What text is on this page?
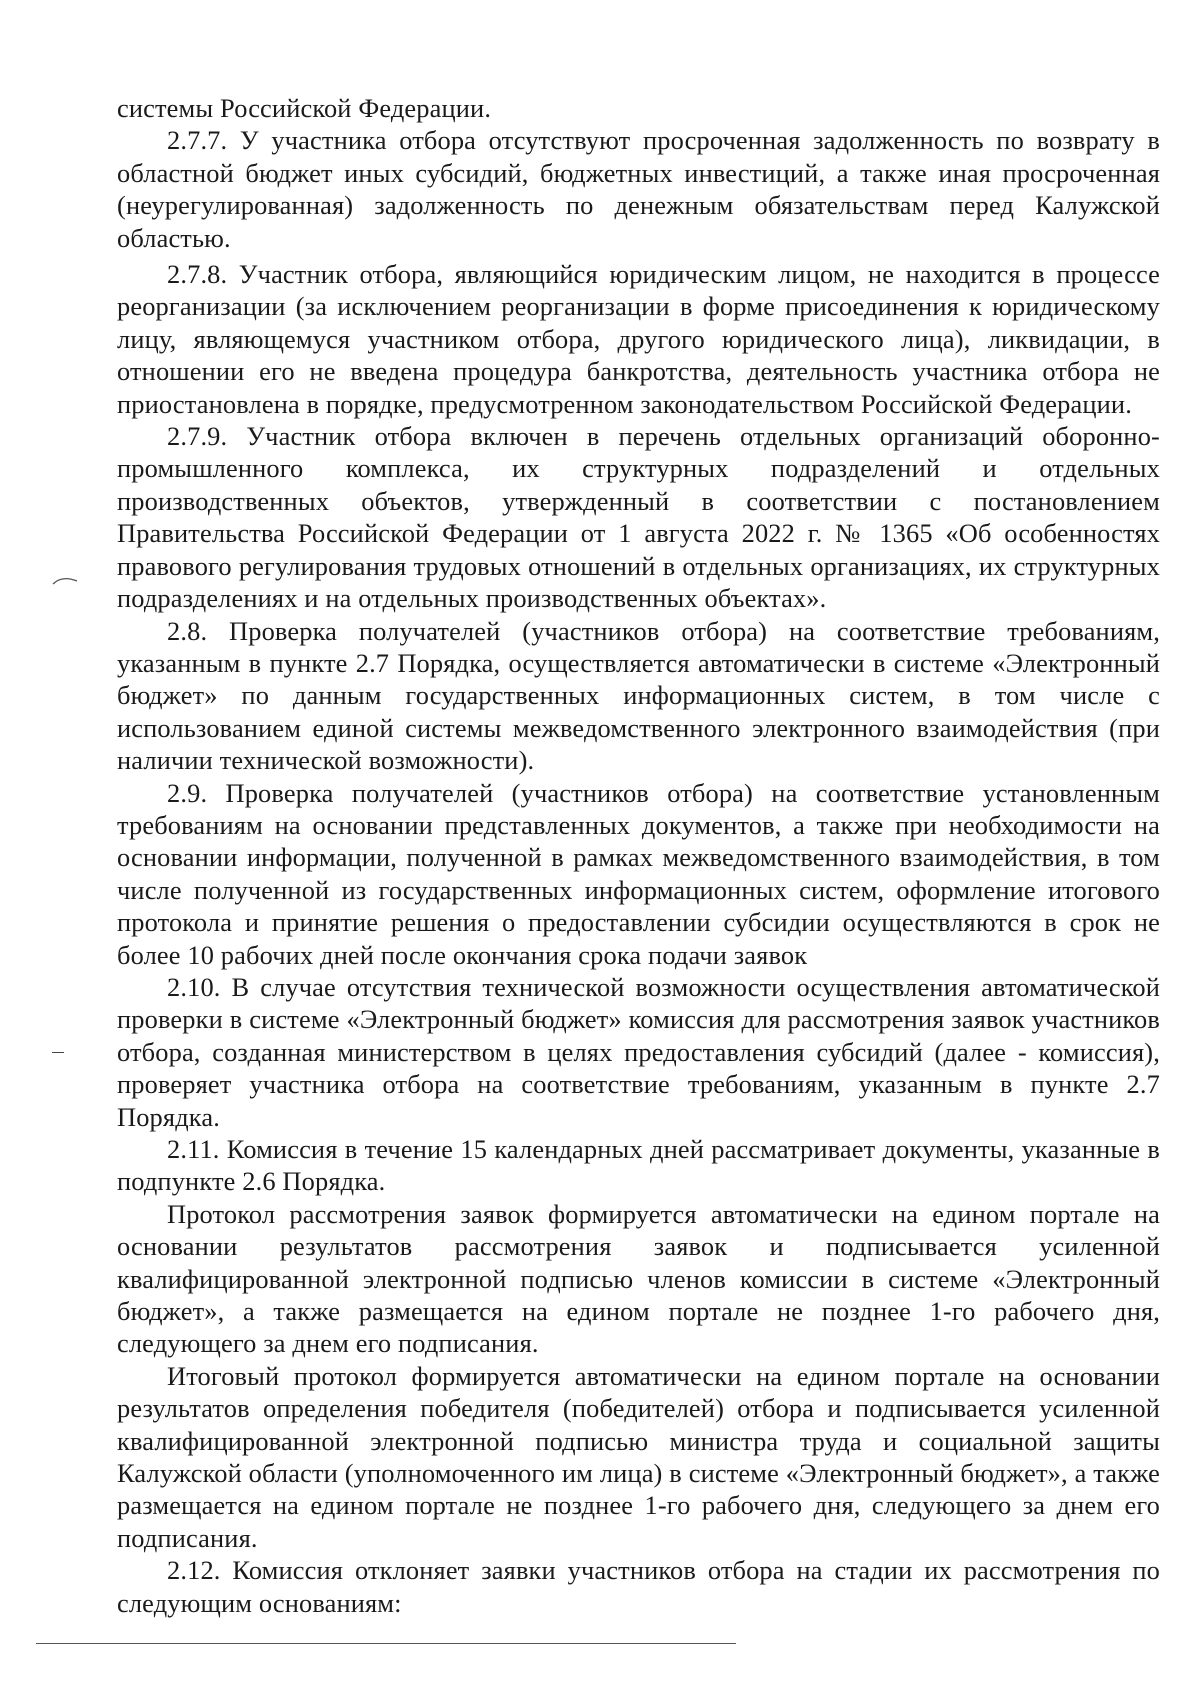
системы Российской Федерации.

2.7.7. У участника отбора отсутствуют просроченная задолженность по возврату в областной бюджет иных субсидий, бюджетных инвестиций, а также иная просроченная (неурегулированная) задолженность по денежным обязательствам перед Калужской областью.

2.7.8. Участник отбора, являющийся юридическим лицом, не находится в процессе реорганизации (за исключением реорганизации в форме присоединения к юридическому лицу, являющемуся участником отбора, другого юридического лица), ликвидации, в отношении его не введена процедура банкротства, деятельность участника отбора не приостановлена в порядке, предусмотренном законодательством Российской Федерации.

2.7.9. Участник отбора включен в перечень отдельных организаций оборонно-промышленного комплекса, их структурных подразделений и отдельных производственных объектов, утвержденный в соответствии с постановлением Правительства Российской Федерации от 1 августа 2022 г. № 1365 «Об особенностях правового регулирования трудовых отношений в отдельных организациях, их структурных подразделениях и на отдельных производственных объектах».

2.8. Проверка получателей (участников отбора) на соответствие требованиям, указанным в пункте 2.7 Порядка, осуществляется автоматически в системе «Электронный бюджет» по данным государственных информационных систем, в том числе с использованием единой системы межведомственного электронного взаимодействия (при наличии технической возможности).

2.9. Проверка получателей (участников отбора) на соответствие установленным требованиям на основании представленных документов, а также при необходимости на основании информации, полученной в рамках межведомственного взаимодействия, в том числе полученной из государственных информационных систем, оформление итогового протокола и принятие решения о предоставлении субсидии осуществляются в срок не более 10 рабочих дней после окончания срока подачи заявок

2.10. В случае отсутствия технической возможности осуществления автоматической проверки в системе «Электронный бюджет» комиссия для рассмотрения заявок участников отбора, созданная министерством в целях предоставления субсидий (далее - комиссия), проверяет участника отбора на соответствие требованиям, указанным в пункте 2.7 Порядка.

2.11. Комиссия в течение 15 календарных дней рассматривает документы, указанные в подпункте 2.6 Порядка.

Протокол рассмотрения заявок формируется автоматически на едином портале на основании результатов рассмотрения заявок и подписывается усиленной квалифицированной электронной подписью членов комиссии в системе «Электронный бюджет», а также размещается на едином портале не позднее 1-го рабочего дня, следующего за днем его подписания.

Итоговый протокол формируется автоматически на едином портале на основании результатов определения победителя (победителей) отбора и подписывается усиленной квалифицированной электронной подписью министра труда и социальной защиты Калужской области (уполномоченного им лица) в системе «Электронный бюджет», а также размещается на едином портале не позднее 1-го рабочего дня, следующего за днем его подписания.

2.12. Комиссия отклоняет заявки участников отбора на стадии их рассмотрения по следующим основаниям:
